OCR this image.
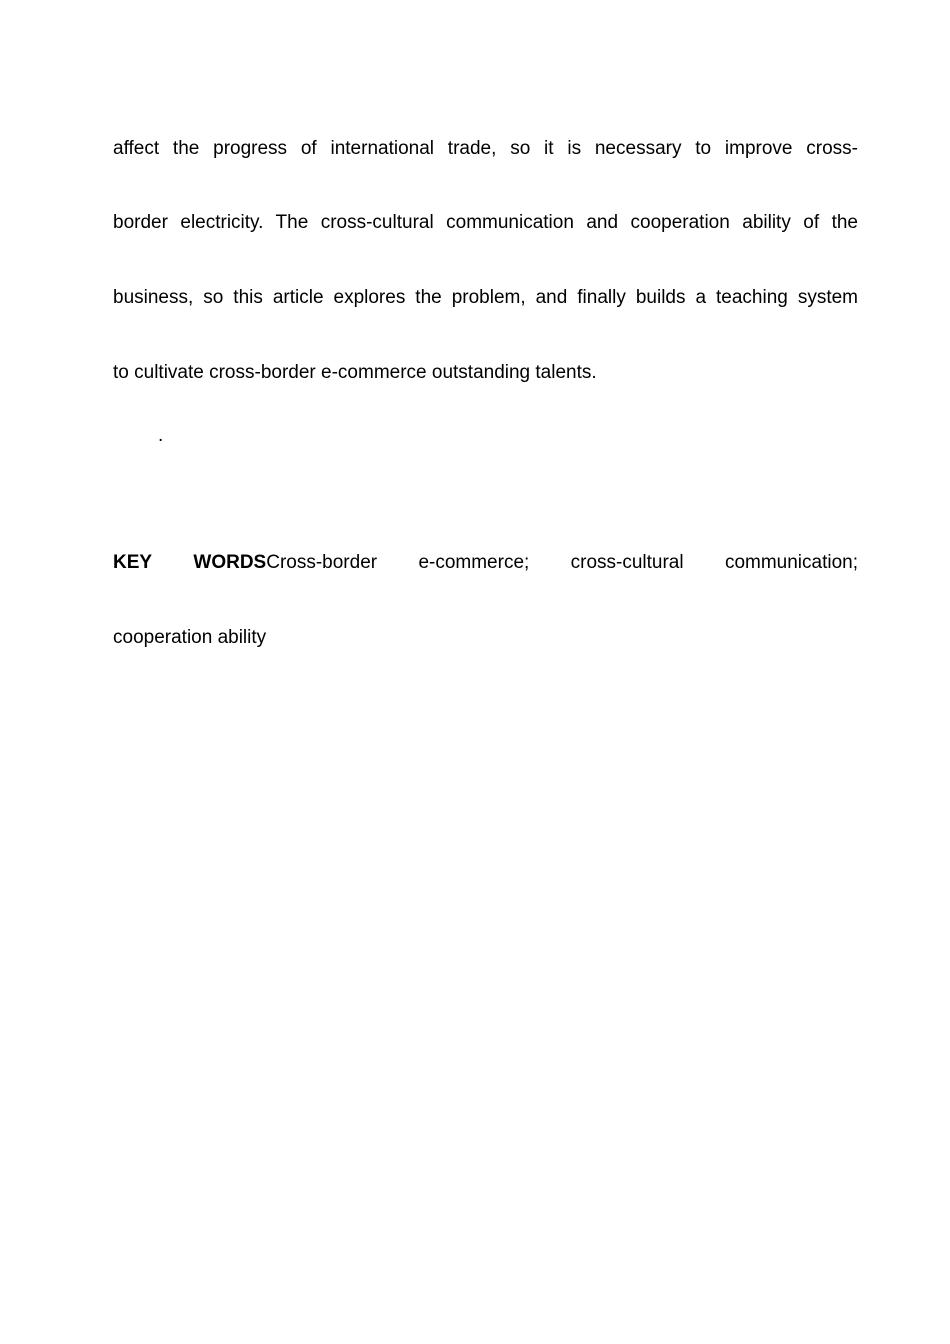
affect the progress of international trade, so it is necessary to improve cross-
border electricity. The cross-cultural communication and cooperation ability of the
business, so this article explores the problem, and finally builds a teaching system
to cultivate cross-border e-commerce outstanding talents.
.
KEY WORDSCross-border e-commerce; cross-cultural communication;
cooperation ability
